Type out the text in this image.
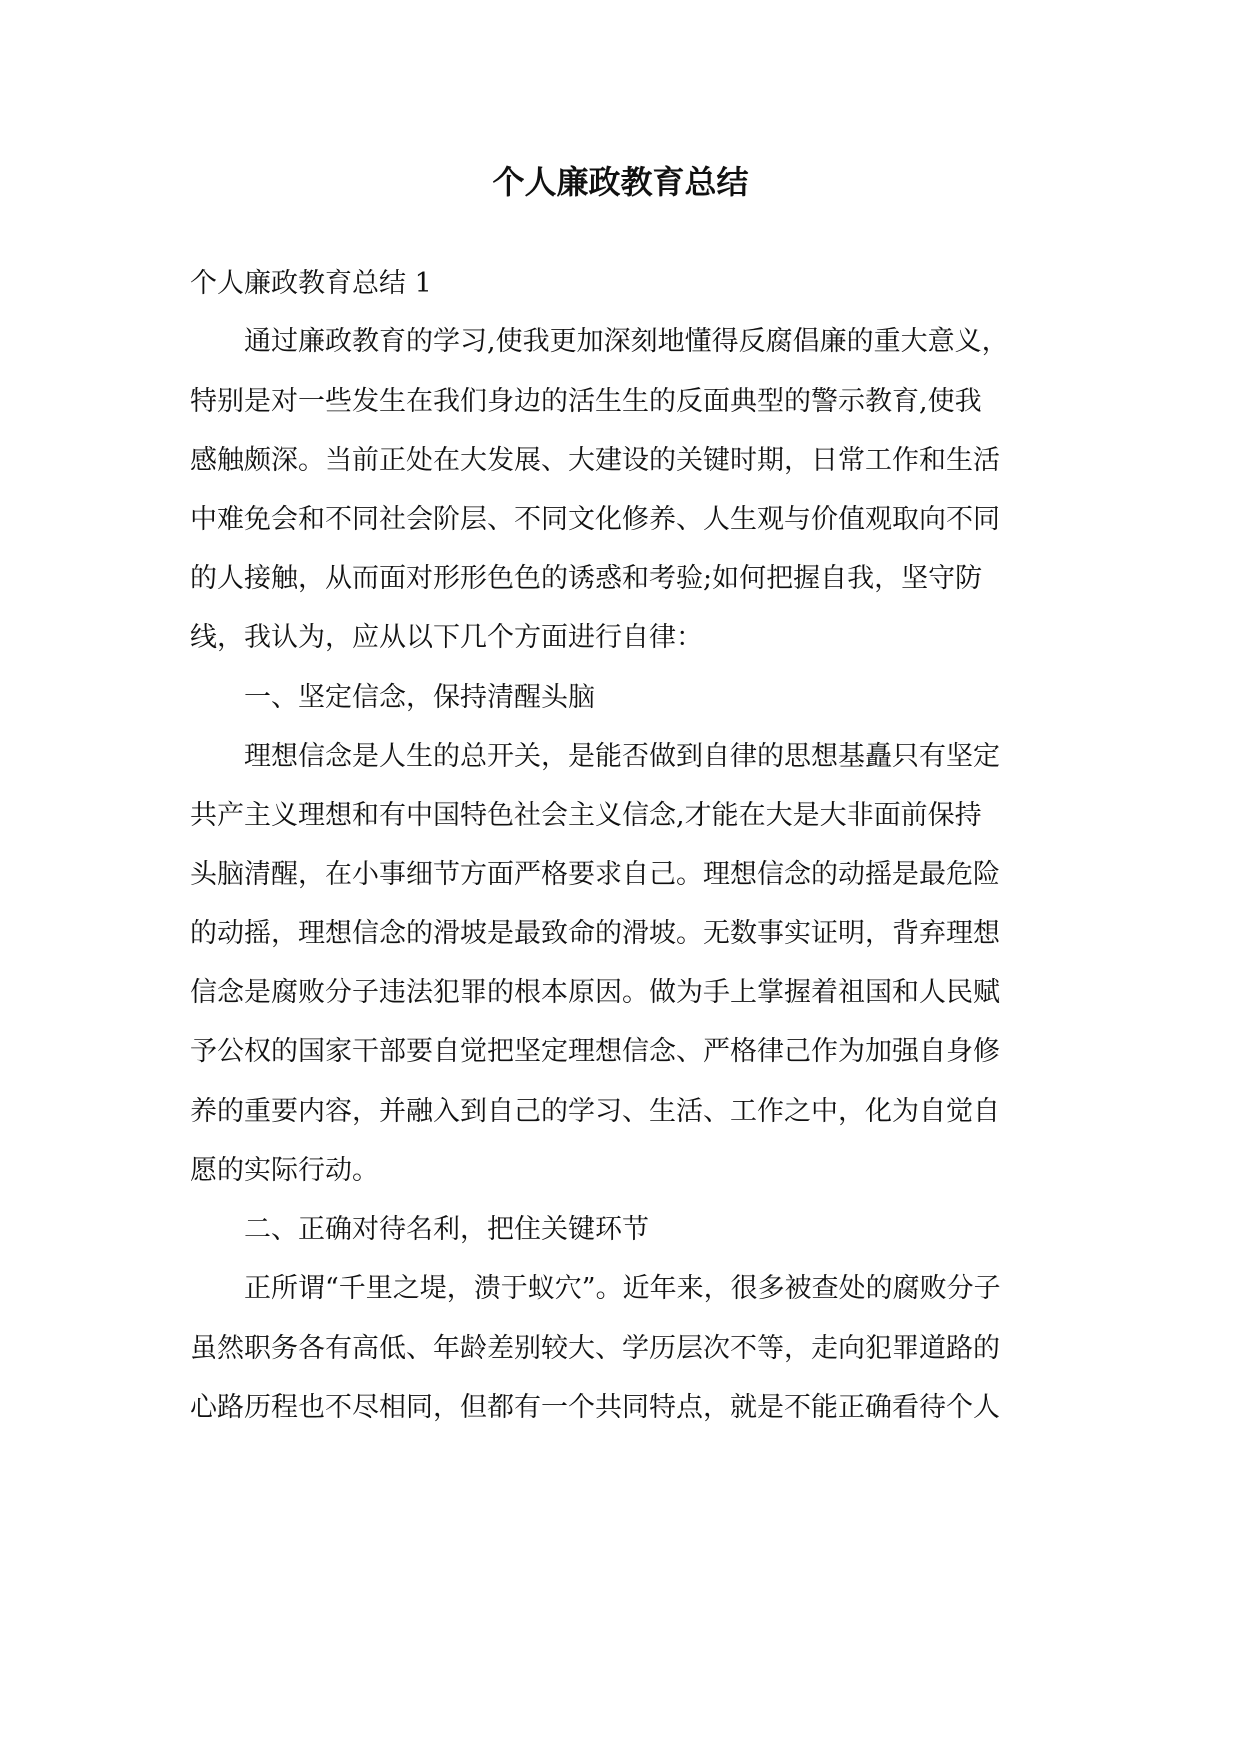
个人廉政教育总结
个人廉政教育总结 1
　　通过廉政教育的学习,使我更加深刻地懂得反腐倡廉的重大意义，
特别是对一些发生在我们身边的活生生的反面典型的警示教育,使我
感触颇深。当前正处在大发展、大建设的关键时期，日常工作和生活
中难免会和不同社会阶层、不同文化修养、人生观与价值观取向不同
的人接触，从而面对形形色色的诱惑和考验;如何把握自我，坚守防
线，我认为，应从以下几个方面进行自律：
　　一、坚定信念，保持清醒头脑
　　理想信念是人生的总开关，是能否做到自律的思想基矗只有坚定
共产主义理想和有中国特色社会主义信念,才能在大是大非面前保持
头脑清醒，在小事细节方面严格要求自己。理想信念的动摇是最危险
的动摇，理想信念的滑坡是最致命的滑坡。无数事实证明，背弃理想
信念是腐败分子违法犯罪的根本原因。做为手上掌握着祖国和人民赋
予公权的国家干部要自觉把坚定理想信念、严格律己作为加强自身修
养的重要内容，并融入到自己的学习、生活、工作之中，化为自觉自
愿的实际行动。
　　二、正确对待名利，把住关键环节
　　正所谓“千里之堤，溃于蚁穴”。近年来，很多被查处的腐败分子
虽然职务各有高低、年龄差别较大、学历层次不等，走向犯罪道路的
心路历程也不尽相同，但都有一个共同特点，就是不能正确看待个人
